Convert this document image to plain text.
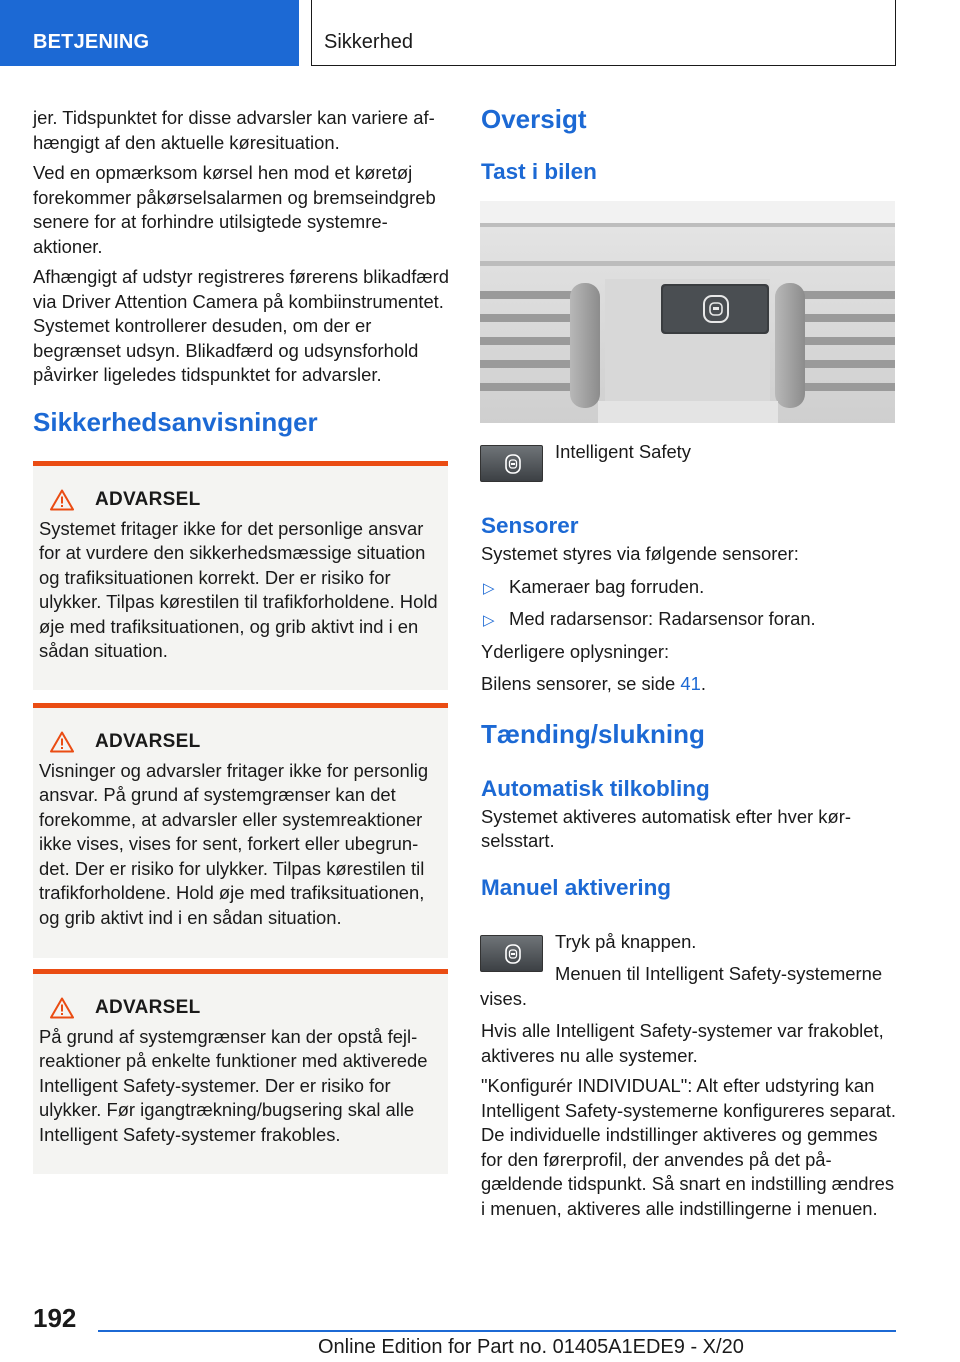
BETJENING	Sikkerhed

jer. Tidspunktet for disse advarsler kan variere afhængigt af den aktuelle køresituation.

Ved en opmærksom kørsel hen mod et køretøj forekommer påkørselsalarmen og bremseindgreb senere for at forhindre utilsigtede systemreaktioner.

Afhængigt af udstyr registreres førerens blikadfærd via Driver Attention Camera på kombiinstrumentet. Systemet kontrollerer desuden, om der er begrænset udsyn. Blikadfærd og udsynsforhold påvirker ligeledes tidspunktet for advarsler.

Sikkerhedsanvisninger
ADVARSEL

Systemet fritager ikke for det personlige ansvar for at vurdere den sikkerhedsmæssige situation og trafiksituationen korrekt. Der er risiko for ulykker. Tilpas kørestilen til trafikforholdene. Hold øje med trafiksituationen, og grib aktivt ind i en sådan situation.

ADVARSEL

Visninger og advarsler fritager ikke for personlig ansvar. På grund af systemgrænser kan det forekomme, at advarsler eller systemreaktioner ikke vises, vises for sent, forkert eller ubegrundet. Der er risiko for ulykker. Tilpas kørestilen til trafikforholdene. Hold øje med trafiksituationen, og grib aktivt ind i en sådan situation.

ADVARSEL

På grund af systemgrænser kan der opstå fejlreaktioner på enkelte funktioner med aktiverede Intelligent Safety-systemer. Der er risiko for ulykker. Før igangtrækning/bugsering skal alle Intelligent Safety-systemer frakobles.

Oversigt
Tast i bilen
Intelligent Safety
Sensorer

Systemet styres via følgende sensorer:

▷ Kameraer bag forruden.
▷ Med radarsensor: Radarsensor foran.

Yderligere oplysninger:

Bilens sensorer, se side 41.

Tænding/slukning
Automatisk tilkobling

Systemet aktiveres automatisk efter hver kørselsstart.

Manuel aktivering
Tryk på knappen.
Menuen til Intelligent Safety-systemerne vises.

Hvis alle Intelligent Safety-systemer var frakoblet, aktiveres nu alle systemer.

"Konfigurér INDIVIDUAL": Alt efter udstyring kan Intelligent Safety-systemerne konfigureres separat. De individuelle indstillinger aktiveres og gemmes for den førerprofil, der anvendes på det pågældende tidspunkt. Så snart en indstilling ændres i menuen, aktiveres alle indstillingerne i menuen.

192
Online Edition for Part no. 01405A1EDE9 - X/20
